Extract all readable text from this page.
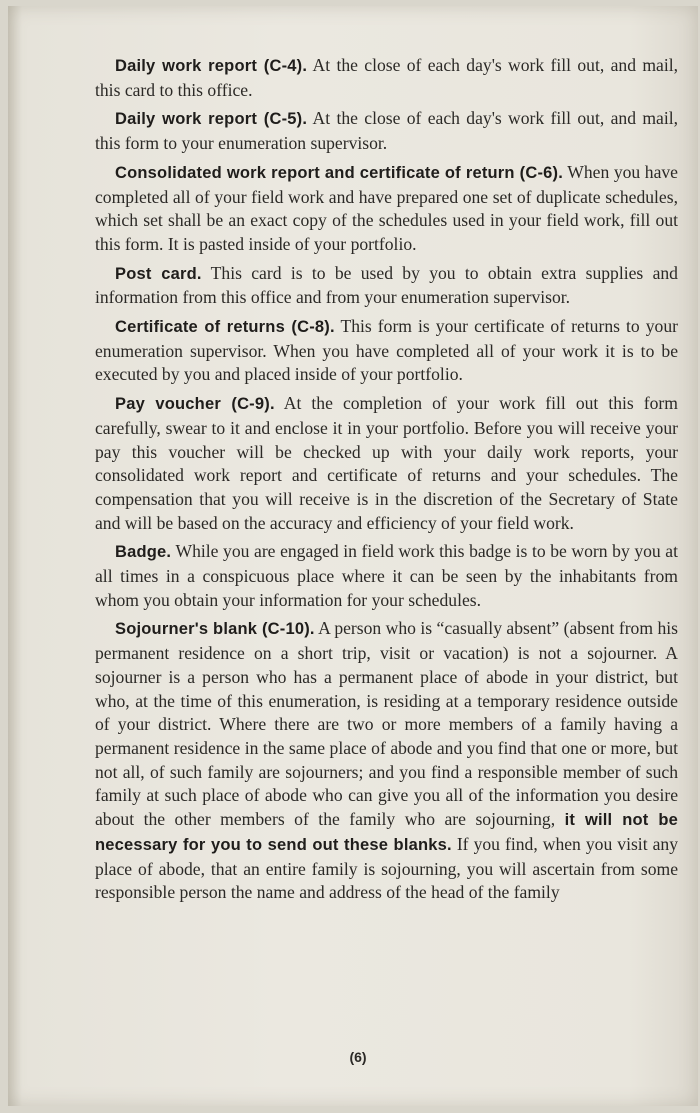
Daily work report (C-4). At the close of each day's work fill out, and mail, this card to this office.

Daily work report (C-5). At the close of each day's work fill out, and mail, this form to your enumeration supervisor.

Consolidated work report and certificate of return (C-6). When you have completed all of your field work and have prepared one set of duplicate schedules, which set shall be an exact copy of the schedules used in your field work, fill out this form. It is pasted inside of your portfolio.

Post card. This card is to be used by you to obtain extra supplies and information from this office and from your enumeration supervisor.

Certificate of returns (C-8). This form is your certificate of returns to your enumeration supervisor. When you have completed all of your work it is to be executed by you and placed inside of your portfolio.

Pay voucher (C-9). At the completion of your work fill out this form carefully, swear to it and enclose it in your portfolio. Before you will receive your pay this voucher will be checked up with your daily work reports, your consolidated work report and certificate of returns and your schedules. The compensation that you will receive is in the discretion of the Secretary of State and will be based on the accuracy and efficiency of your field work.

Badge. While you are engaged in field work this badge is to be worn by you at all times in a conspicuous place where it can be seen by the inhabitants from whom you obtain your information for your schedules.

Sojourner's blank (C-10). A person who is “casually absent” (absent from his permanent residence on a short trip, visit or vacation) is not a sojourner. A sojourner is a person who has a permanent place of abode in your district, but who, at the time of this enumeration, is residing at a temporary residence outside of your district. Where there are two or more members of a family having a permanent residence in the same place of abode and you find that one or more, but not all, of such family are sojourners; and you find a responsible member of such family at such place of abode who can give you all of the information you desire about the other members of the family who are sojourning, it will not be necessary for you to send out these blanks. If you find, when you visit any place of abode, that an entire family is sojourning, you will ascertain from some responsible person the name and address of the head of the family

(6)
